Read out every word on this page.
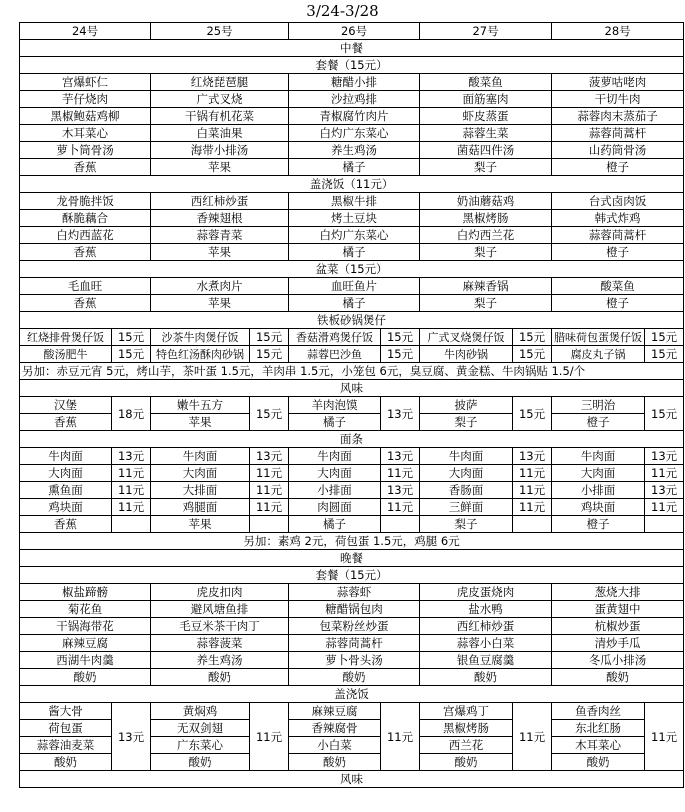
3/24-3/28
24号		25号		26号		27号		28号	
中餐									
套餐（15元）									
宫爆虾仁		红烧琵琶腿		糖醋小排		酸菜鱼		菠萝咕咾肉	
芋仔烧肉		广式叉烧		沙拉鸡排		面筋塞肉		干切牛肉	
黑椒鲍菇鸡柳		干锅有机花菜		青椒腐竹肉片		虾皮蒸蛋		蒜蓉肉末蒸茄子	
木耳菜心		白菜油果		白灼广东菜心		蒜蓉生菜		蒜蓉茼蒿杆	
萝卜筒骨汤		海带小排汤		养生鸡汤		菌菇四件汤		山药筒骨汤	
香蕉		苹果		橘子		梨子		橙子	
盖浇饭（11元）									
龙骨脆拌饭		西红柿炒蛋		黑椒牛排		奶油蘑菇鸡		台式卤肉饭	
酥脆藕合		香辣翅根		烤土豆块		黑椒烤肠		韩式炸鸡	
白灼西蓝花		蒜蓉青菜		白灼广东菜心		白灼西兰花		蒜蓉茼蒿杆	
香蕉		苹果		橘子		梨子		橙子	
盆菜（15元）									
毛血旺		水煮肉片		血旺鱼片		麻辣香锅		酸菜鱼	
香蕉		苹果		橘子		梨子		橙子	
铁板砂锅煲仔									
红烧排骨煲仔饭	15元	沙茶牛肉煲仔饭	15元	香菇滑鸡煲仔饭	15元	广式叉烧煲仔饭	15元	腊味荷包蛋煲仔饭	15元
酸汤肥牛	15元	特色红汤酥肉砂锅	15元	蒜蓉巴沙鱼	15元	牛肉砂锅	15元	腐皮丸子锅	15元
另加：赤豆元宵 5元，烤山芋，茶叶蛋 1.5元，羊肉串 1.5元，小笼包 6元，臭豆腐、黄金糕、牛肉锅贴 1.5/个									
风味									
汉堡	18元	嫩牛五方	15元	羊肉泡馍	13元	披萨	15元	三明治	15元
香蕉		苹果		橘子		梨子		橙子	
面条									
牛肉面	13元	牛肉面	13元	牛肉面	13元	牛肉面	13元	牛肉面	13元
大肉面	11元	大肉面	11元	大肉面	11元	大肉面	11元	大肉面	11元
熏鱼面	11元	大排面	11元	小排面	13元	香肠面	11元	小排面	13元
鸡块面	11元	鸡腿面	11元	肉圆面	11元	三鲜面	11元	鸡块面	11元
香蕉		苹果		橘子		梨子		橙子	
另加：素鸡 2元，荷包蛋 1.5元，鸡腿 6元									
晚餐									
套餐（15元）									
椒盐蹄髈		虎皮扣肉		蒜蓉虾		虎皮蛋烧肉		葱烧大排	
菊花鱼		避风塘鱼排		糖醋锅包肉		盐水鸭		蛋黄翅中	
干锅海带花		毛豆米茶干肉丁		包菜粉丝炒蛋		西红柿炒蛋		杭椒炒蛋	
麻辣豆腐		蒜蓉菠菜		蒜蓉茼蒿杆		蒜蓉小白菜		清炒手瓜	
西湖牛肉羹		养生鸡汤		萝卜骨头汤		银鱼豆腐羹		冬瓜小排汤	
酸奶		酸奶		酸奶		酸奶		酸奶	
盖浇饭									
酱大骨	13元	黄焖鸡	11元	麻辣豆腐	11元	宫爆鸡丁	11元	鱼香肉丝	11元
荷包蛋		无双剑翅		香辣腐骨		黑椒烤肠		东北红肠	
蒜蓉油麦菜		广东菜心		小白菜		西兰花		木耳菜心	
酸奶		酸奶		酸奶		酸奶		酸奶	
风味									
